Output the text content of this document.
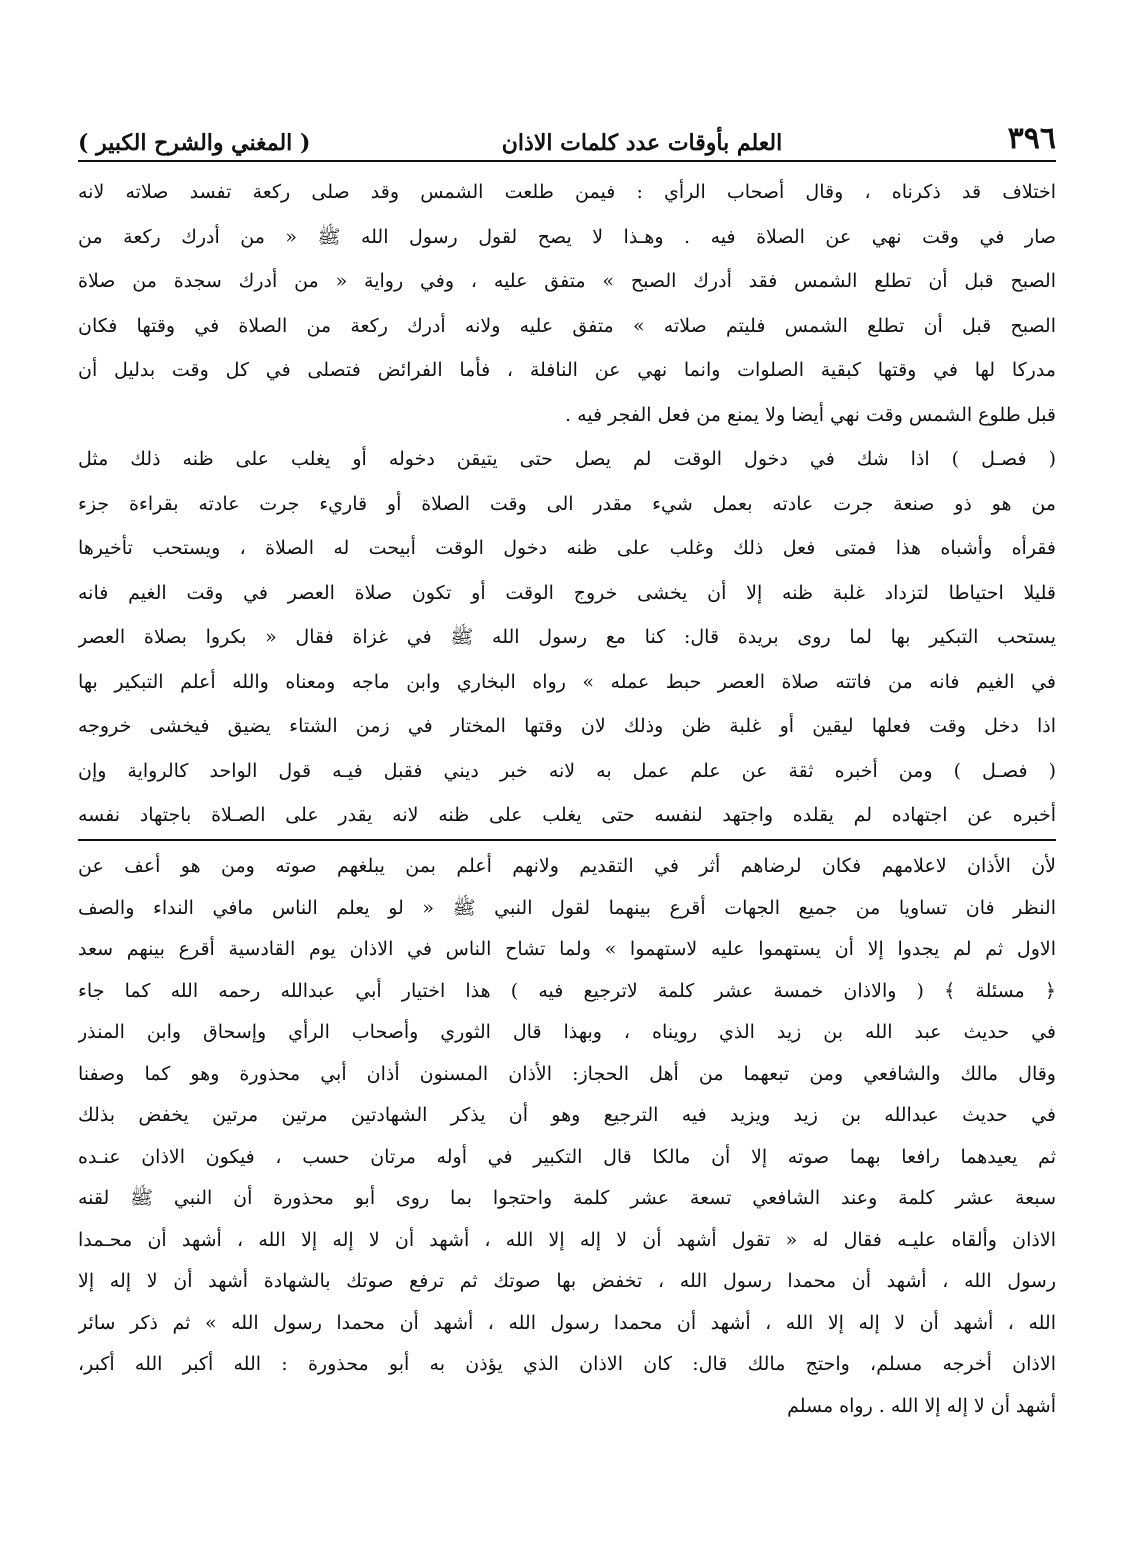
٣٩٦
العلم بأوقات عدد كلمات الاذان
( المغني والشرح الكبير )
اختلاف قد ذكرناه ، وقال أصحاب الرأي : فيمن طلعت الشمس وقد صلى ركعة تفسد صلاته لانه
صار في وقت نهي عن الصلاة فيه . وهـذا لا يصح لقول رسول الله ﷺ « من أدرك ركعة من
الصبح قبل أن تطلع الشمس فقد أدرك الصبح » متفق عليه ، وفي رواية « من أدرك سجدة من صلاة
الصبح قبل أن تطلع الشمس فليتم صلاته » متفق عليه ولانه أدرك ركعة من الصلاة في وقتها فكان
مدركا لها في وقتها كبقية الصلوات وانما نهي عن النافلة ، فأما الفرائض فتصلى في كل وقت بدليل أن
قبل طلوع الشمس وقت نهي أيضا ولا يمنع من فعل الفجر فيه .
( فصـل ) اذا شك في دخول الوقت لم يصل حتى يتيقن دخوله أو يغلب على ظنه ذلك مثل
من هو ذو صنعة جرت عادته بعمل شيء مقدر الى وقت الصلاة أو قاريء جرت عادته بقراءة جزء
فقرأه وأشباه هذا فمتى فعل ذلك وغلب على ظنه دخول الوقت أبيحت له الصلاة ، ويستحب تأخيرها
قليلا احتياطا لتزداد غلبة ظنه إلا أن يخشى خروج الوقت أو تكون صلاة العصر في وقت الغيم فانه
يستحب التبكير بها لما روى بريدة قال: كنا مع رسول الله ﷺ في غزاة فقال « بكروا بصلاة العصر
في الغيم فانه من فاتته صلاة العصر حبط عمله » رواه البخاري وابن ماجه ومعناه والله أعلم التبكير بها
اذا دخل وقت فعلها ليقين أو غلبة ظن وذلك لان وقتها المختار في زمن الشتاء يضيق فيخشى خروجه
( فصـل ) ومن أخبره ثقة عن علم عمل به لانه خبر ديني فقبل فيـه قول الواحد كالرواية وإن
أخبره عن اجتهاده لم يقلده واجتهد لنفسه حتى يغلب على ظنه لانه يقدر على الصـلاة باجتهاد نفسه
لأن الأذان لاعلامهم فكان لرضاهم أثر في التقديم ولانهم أعلم بمن يبلغهم صوته ومن هو أعف عن
النظر فان تساويا من جميع الجهات أقرع بينهما لقول النبي ﷺ « لو يعلم الناس مافي النداء والصف
الاول ثم لم يجدوا إلا أن يستهموا عليه لاستهموا » ولما تشاح الناس في الاذان يوم القادسية أقرع بينهم سعد
﴿ مسئلة ﴾ ( والاذان خمسة عشر كلمة لاترجيع فيه ) هذا اختيار أبي عبدالله رحمه الله كما جاء
في حديث عبد الله بن زيد الذي رويناه ، وبهذا قال الثوري وأصحاب الرأي وإسحاق وابن المنذر
وقال مالك والشافعي ومن تبعهما من أهل الحجاز: الأذان المسنون أذان أبي محذورة وهو كما وصفنا
في حديث عبدالله بن زيد ويزيد فيه الترجيع وهو أن يذكر الشهادتين مرتين مرتين يخفض بذلك
ثم يعيدهما رافعا بهما صوته إلا أن مالكا قال التكبير في أوله مرتان حسب ، فيكون الاذان عنـده
سبعة عشر كلمة وعند الشافعي تسعة عشر كلمة واحتجوا بما روى أبو محذورة أن النبي ﷺ لقنه
الاذان وألقاه عليـه فقال له « تقول أشهد أن لا إله إلا الله ، أشهد أن لا إله إلا الله ، أشهد أن محـمدا
رسول الله ، أشهد أن محمدا رسول الله ، تخفض بها صوتك ثم ترفع صوتك بالشهادة أشهد أن لا إله إلا
الله ، أشهد أن لا إله إلا الله ، أشهد أن محمدا رسول الله ، أشهد أن محمدا رسول الله » ثم ذكر سائر
الاذان أخرجه مسلم، واحتج مالك قال: كان الاذان الذي يؤذن به أبو محذورة : الله أكبر الله أكبر،
أشهد أن لا إله إلا الله . رواه مسلم
